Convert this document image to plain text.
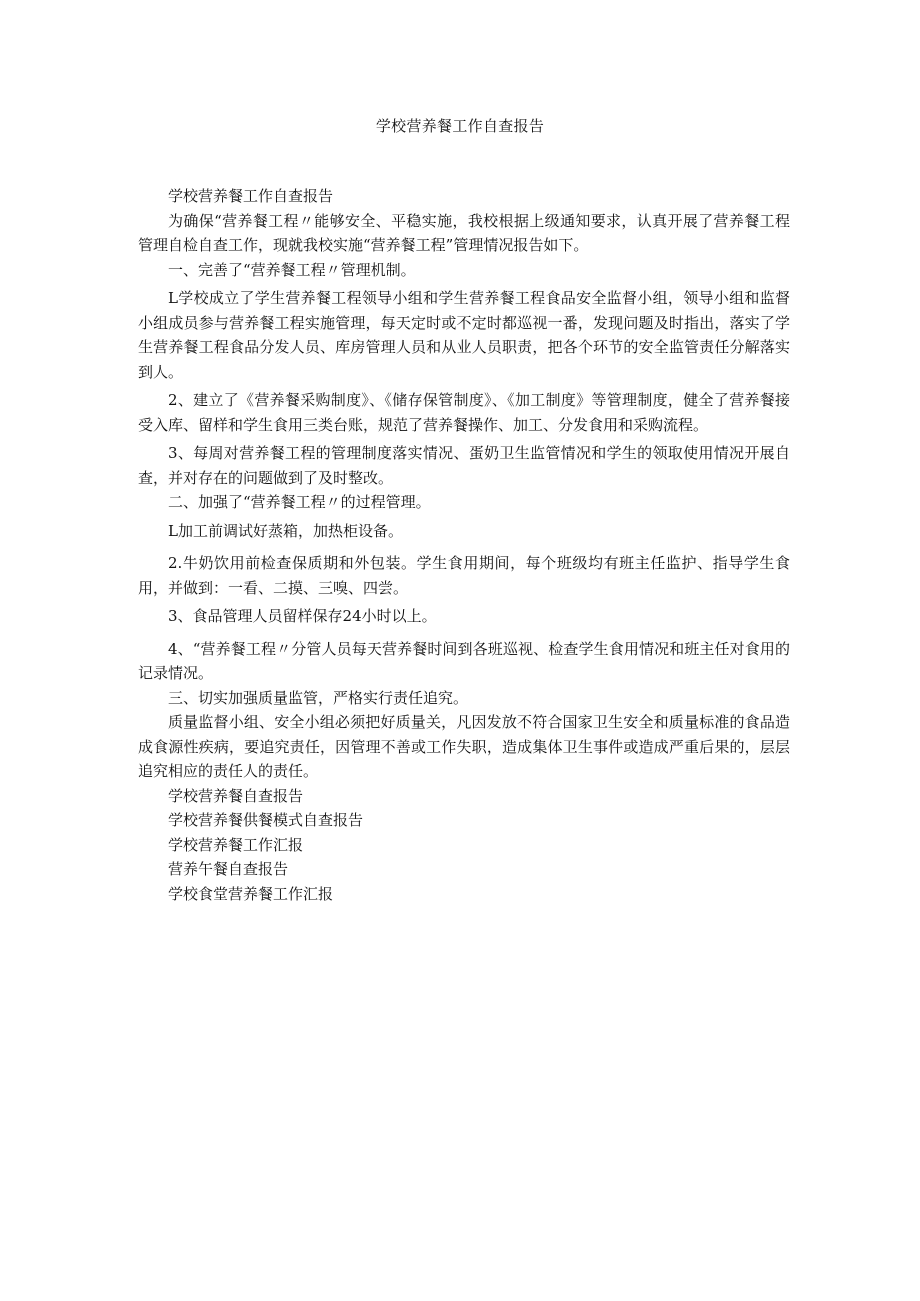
学校营养餐工作自查报告

学校营养餐工作自查报告

为确保“营养餐工程〃能够安全、平稳实施，我校根据上级通知要求，认真开展了营养餐工程管理自检自查工作，现就我校实施“营养餐工程”管理情况报告如下。

一、完善了“营养餐工程〃管理机制。

L学校成立了学生营养餐工程领导小组和学生营养餐工程食品安全监督小组，领导小组和监督小组成员参与营养餐工程实施管理，每天定时或不定时都巡视一番，发现问题及时指出，落实了学生营养餐工程食品分发人员、库房管理人员和从业人员职责，把各个环节的安全监管责任分解落实到人。

2、建立了《营养餐采购制度》、《储存保管制度》、《加工制度》等管理制度，健全了营养餐接受入库、留样和学生食用三类台账，规范了营养餐操作、加工、分发食用和采购流程。

3、每周对营养餐工程的管理制度落实情况、蛋奶卫生监管情况和学生的领取使用情况开展自查，并对存在的问题做到了及时整改。

二、加强了“营养餐工程〃的过程管理。

L加工前调试好蒸箱，加热柜设备。

2.牛奶饮用前检查保质期和外包装。学生食用期间，每个班级均有班主任监护、指导学生食用，并做到：一看、二摸、三嗅、四尝。

3、食品管理人员留样保存24小时以上。

4、“营养餐工程〃分管人员每天营养餐时间到各班巡视、检查学生食用情况和班主任对食用的记录情况。

三、切实加强质量监管，严格实行责任追究。

质量监督小组、安全小组必须把好质量关，凡因发放不符合国家卫生安全和质量标准的食品造成食源性疾病，要追究责任，因管理不善或工作失职，造成集体卫生事件或造成严重后果的，层层追究相应的责任人的责任。

学校营养餐自查报告

学校营养餐供餐模式自查报告

学校营养餐工作汇报

营养午餐自查报告

学校食堂营养餐工作汇报
